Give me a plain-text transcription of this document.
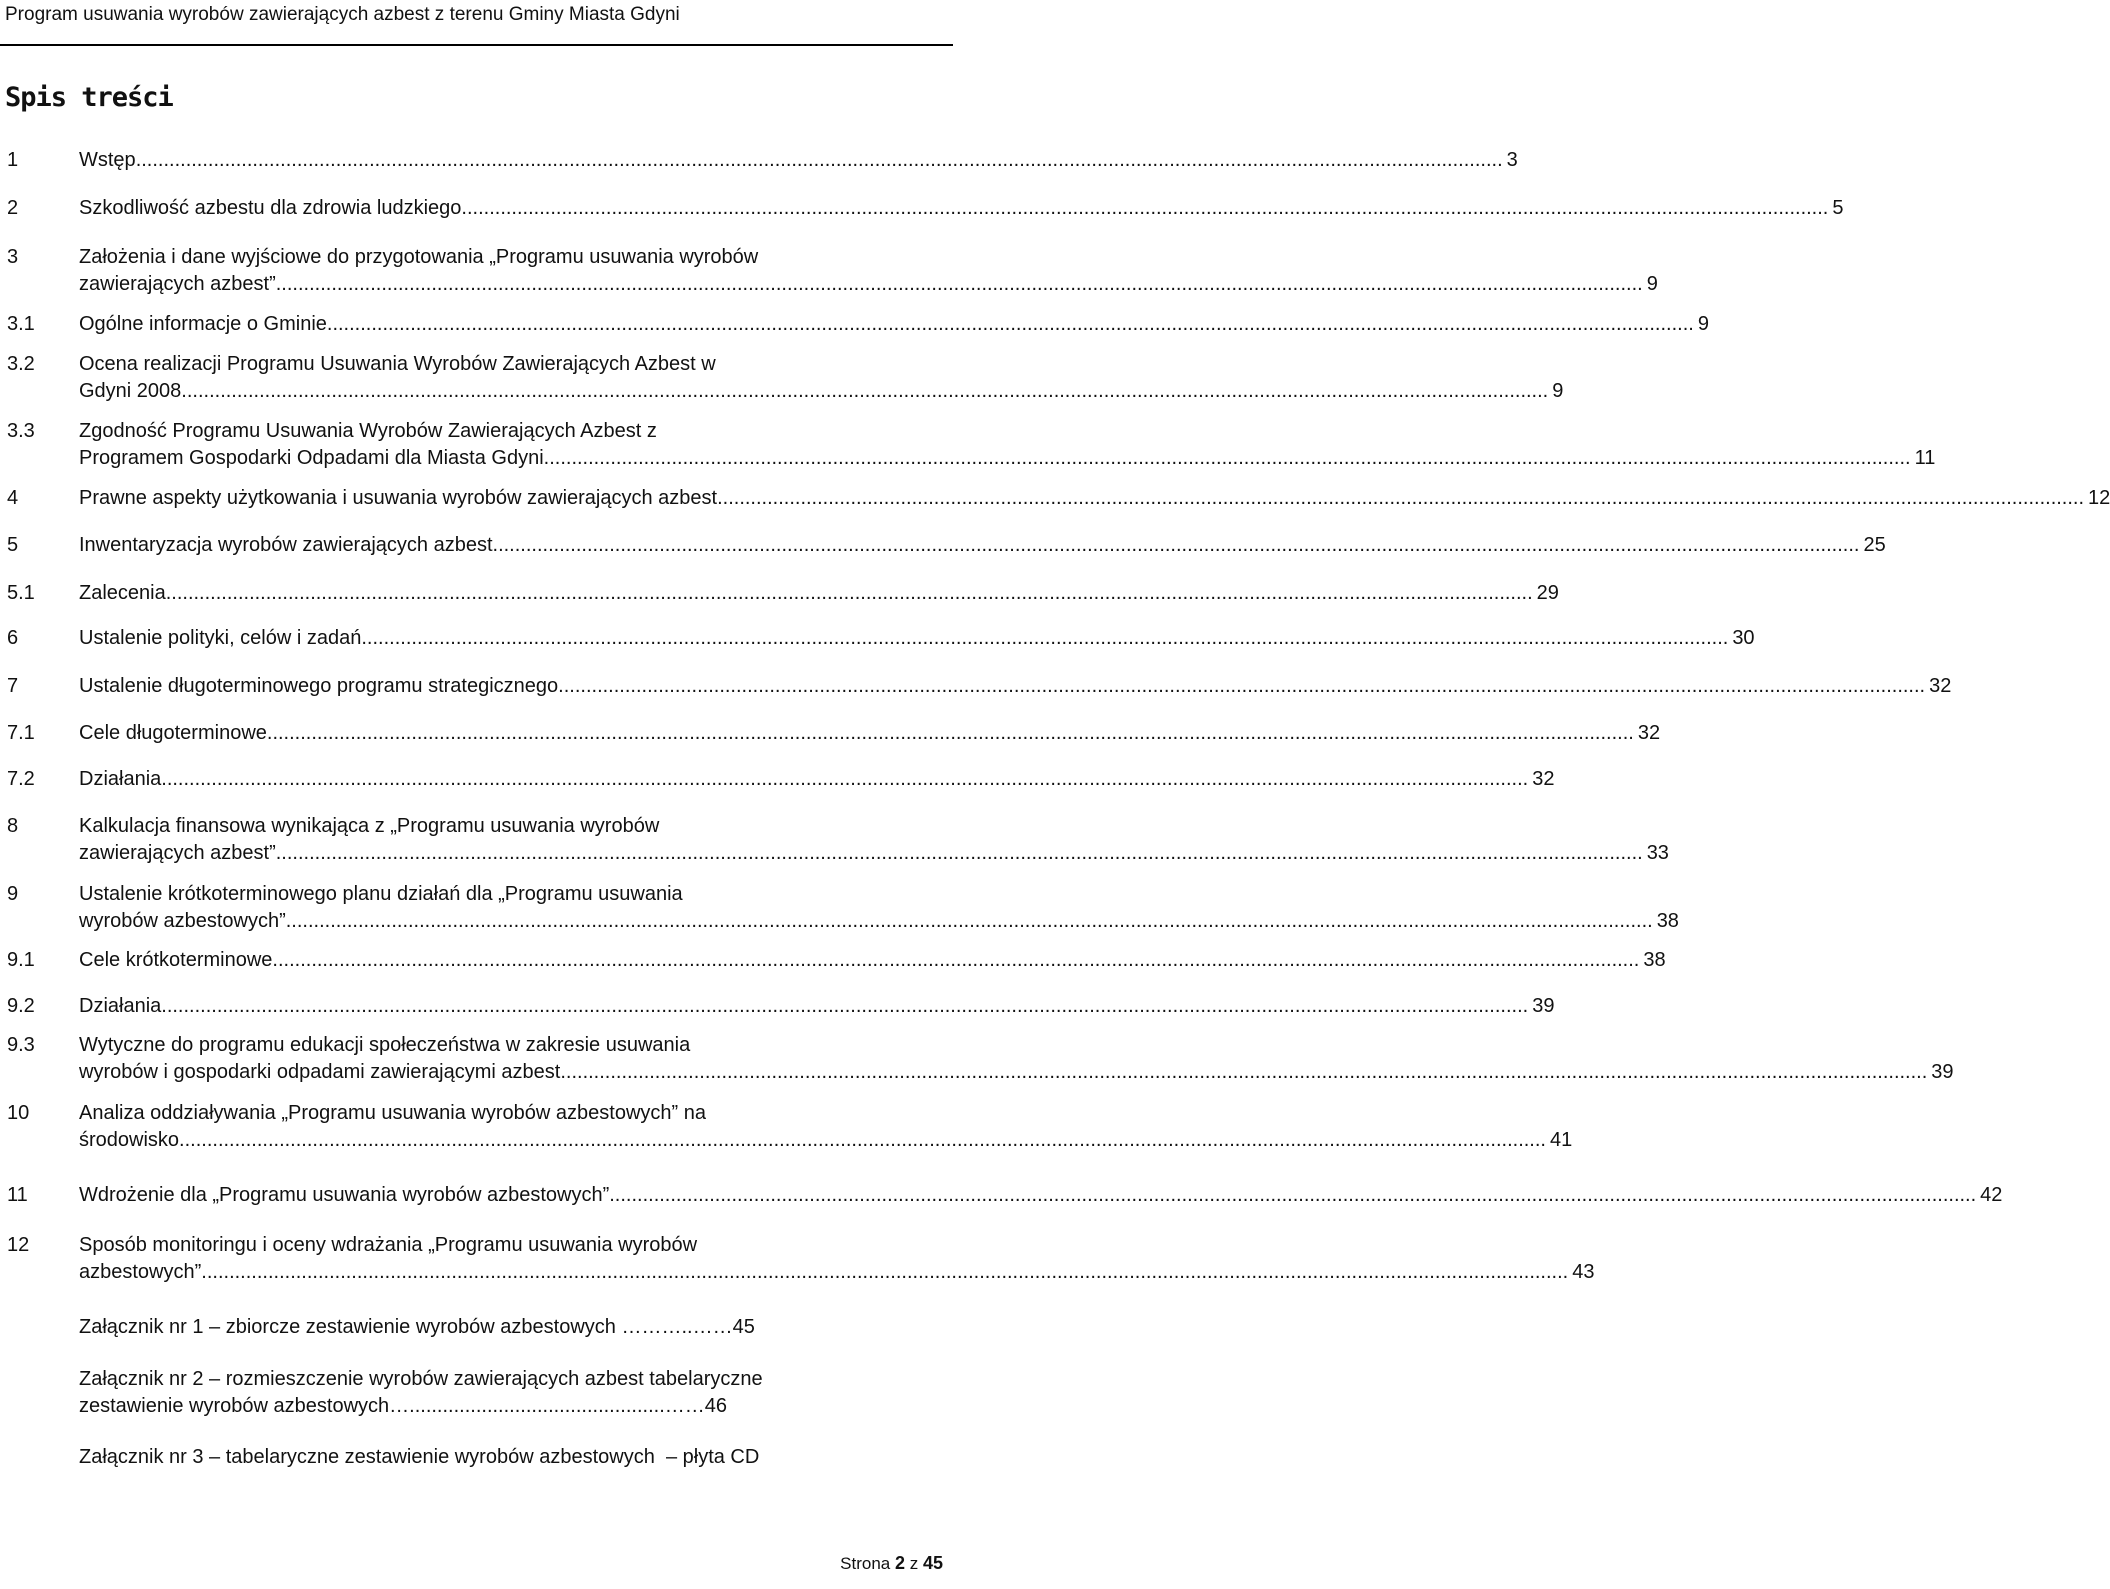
Program usuwania wyrobów zawierających azbest z terenu Gminy Miasta Gdyni
Spis treści
1	Wstęp .....	3
2	Szkodliwość azbestu dla zdrowia ludzkiego .....	5
3	Założenia i dane wyjściowe do przygotowania „Programu usuwania wyrobów
zawierających azbest” .....	9
3.1 Ogólne informacje o Gminie .....	9
3.2 Ocena realizacji Programu Usuwania Wyrobów Zawierających Azbest w
Gdyni 2008 .....	9
3.3 Zgodność Programu Usuwania Wyrobów Zawierających Azbest z
Programem Gospodarki Odpadami dla Miasta Gdyni .....	11
4	Prawne aspekty użytkowania i usuwania wyrobów zawierających azbest .....	12
5	Inwentaryzacja wyrobów zawierających azbest .....	25
5.1 Zalecenia .....	29
6	Ustalenie polityki, celów i zadań .....	30
7	Ustalenie długoterminowego programu strategicznego .....	32
7.1 Cele długoterminowe .....	32
7.2 Działania .....	32
8	Kalkulacja finansowa wynikająca z „Programu usuwania wyrobów
zawierających azbest” .....	33
9	Ustalenie krótkoterminowego planu działań dla „Programu usuwania
wyrobów azbestowych” .....	38
9.1 Cele krótkoterminowe .....	38
9.2 Działania .....	39
9.3 Wytyczne do programu edukacji społeczeństwa w zakresie usuwania
wyrobów i gospodarki odpadami zawierającymi azbest .....	39
10 Analiza oddziaływania „Programu usuwania wyrobów azbestowych” na
środowisko .....	41
11	Wdrożenie dla „Programu usuwania wyrobów azbestowych” .....	42
12 Sposób monitoringu i oceny wdrażania „Programu usuwania wyrobów
azbestowych” .....	43
Załącznik nr 1 – zbiorcze zestawienie wyrobów azbestowych ………..……45
Załącznik nr 2 – rozmieszczenie wyrobów zawierających azbest tabelaryczne
zestawienie wyrobów azbestowych…..............................................……46
Załącznik nr 3 – tabelaryczne zestawienie wyrobów azbestowych  – płyta CD
Strona 2 z 45
